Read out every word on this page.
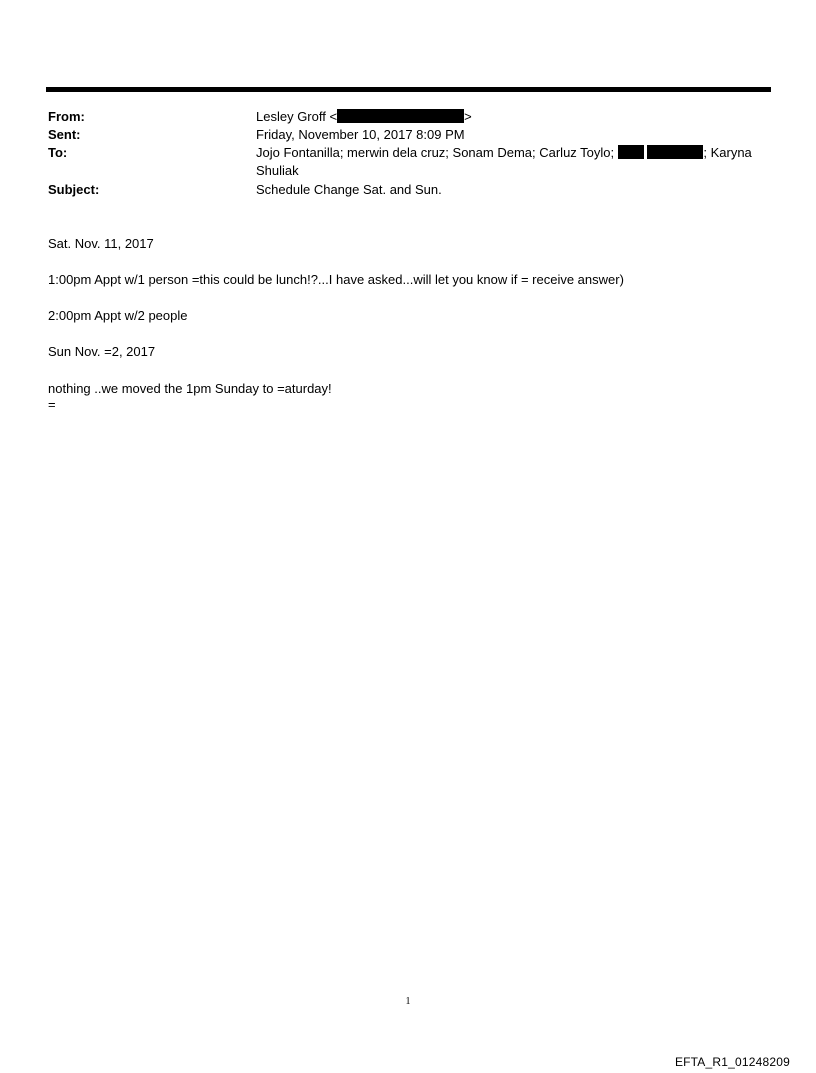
From:	Lesley Groff <	>
Sent:	Friday, November 10, 2017 8:09 PM
To:	Jojo Fontanilla; merwin dela cruz; Sonam Dema; Carluz Toylo;	; Karyna Shuliak
Subject:	Schedule Change Sat. and Sun.
Sat. Nov. 11, 2017
1:00pm Appt w/1 person =this could be lunch!?...I have asked...will let you know if = receive answer)
2:00pm Appt w/2 people
Sun Nov. =2, 2017
nothing ..we moved the 1pm Sunday to =aturday!
=
1
EFTA_R1_01248209
